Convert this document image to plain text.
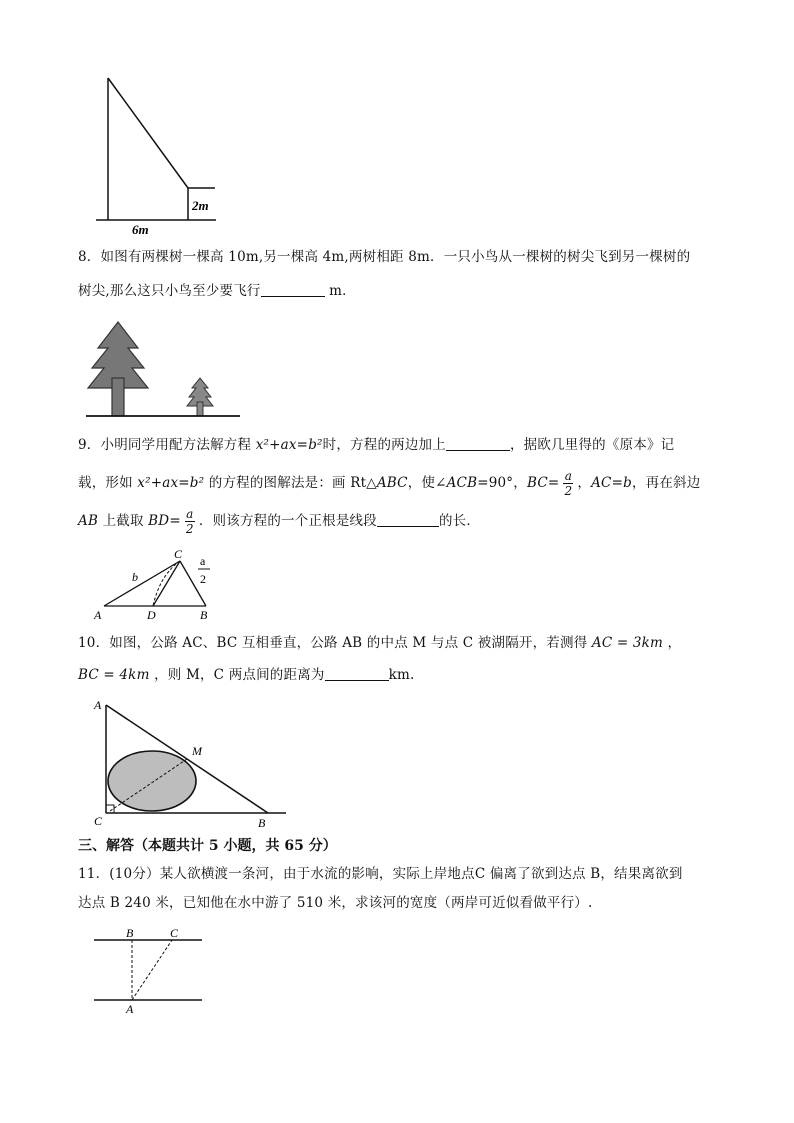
6m
2m
8．如图有两棵树一棵高 10m,另一棵高 4m,两树相距 8m．一只小鸟从一棵树的树尖飞到另一棵树的
树尖,那么这只小鸟至少要飞行	m．
9．小明同学用配方法解方程 x²+ax=b²时，方程的两边加上	，据欧几里得的《原本》记
载，形如 x²+ax=b² 的方程的图解法是：画 Rt△ABC，使∠ACB=90°，$BC= \frac{a}{2}$ ，AC=b，再在斜边
AB 上截取 $BD= \frac{a}{2}$ ．则该方程的一个正根是线段	的长．
C
b
a
2
A	D	B
10．如图，公路 AC、BC 互相垂直，公路 AB 的中点 M 与点 C 被湖隔开，若测得 AC = 3km ，
BC = 4km ，则 M，C 两点间的距离为	km.
A
M
C	B
三、解答（本题共计 5 小题，共 65 分）
11．(10分）某人欲横渡一条河，由于水流的影响，实际上岸地点C 偏离了欲到达点 B，结果离欲到
达点 B 240 米，已知他在水中游了 510 米，求该河的宽度（两岸可近似看做平行）.
B	C
A
